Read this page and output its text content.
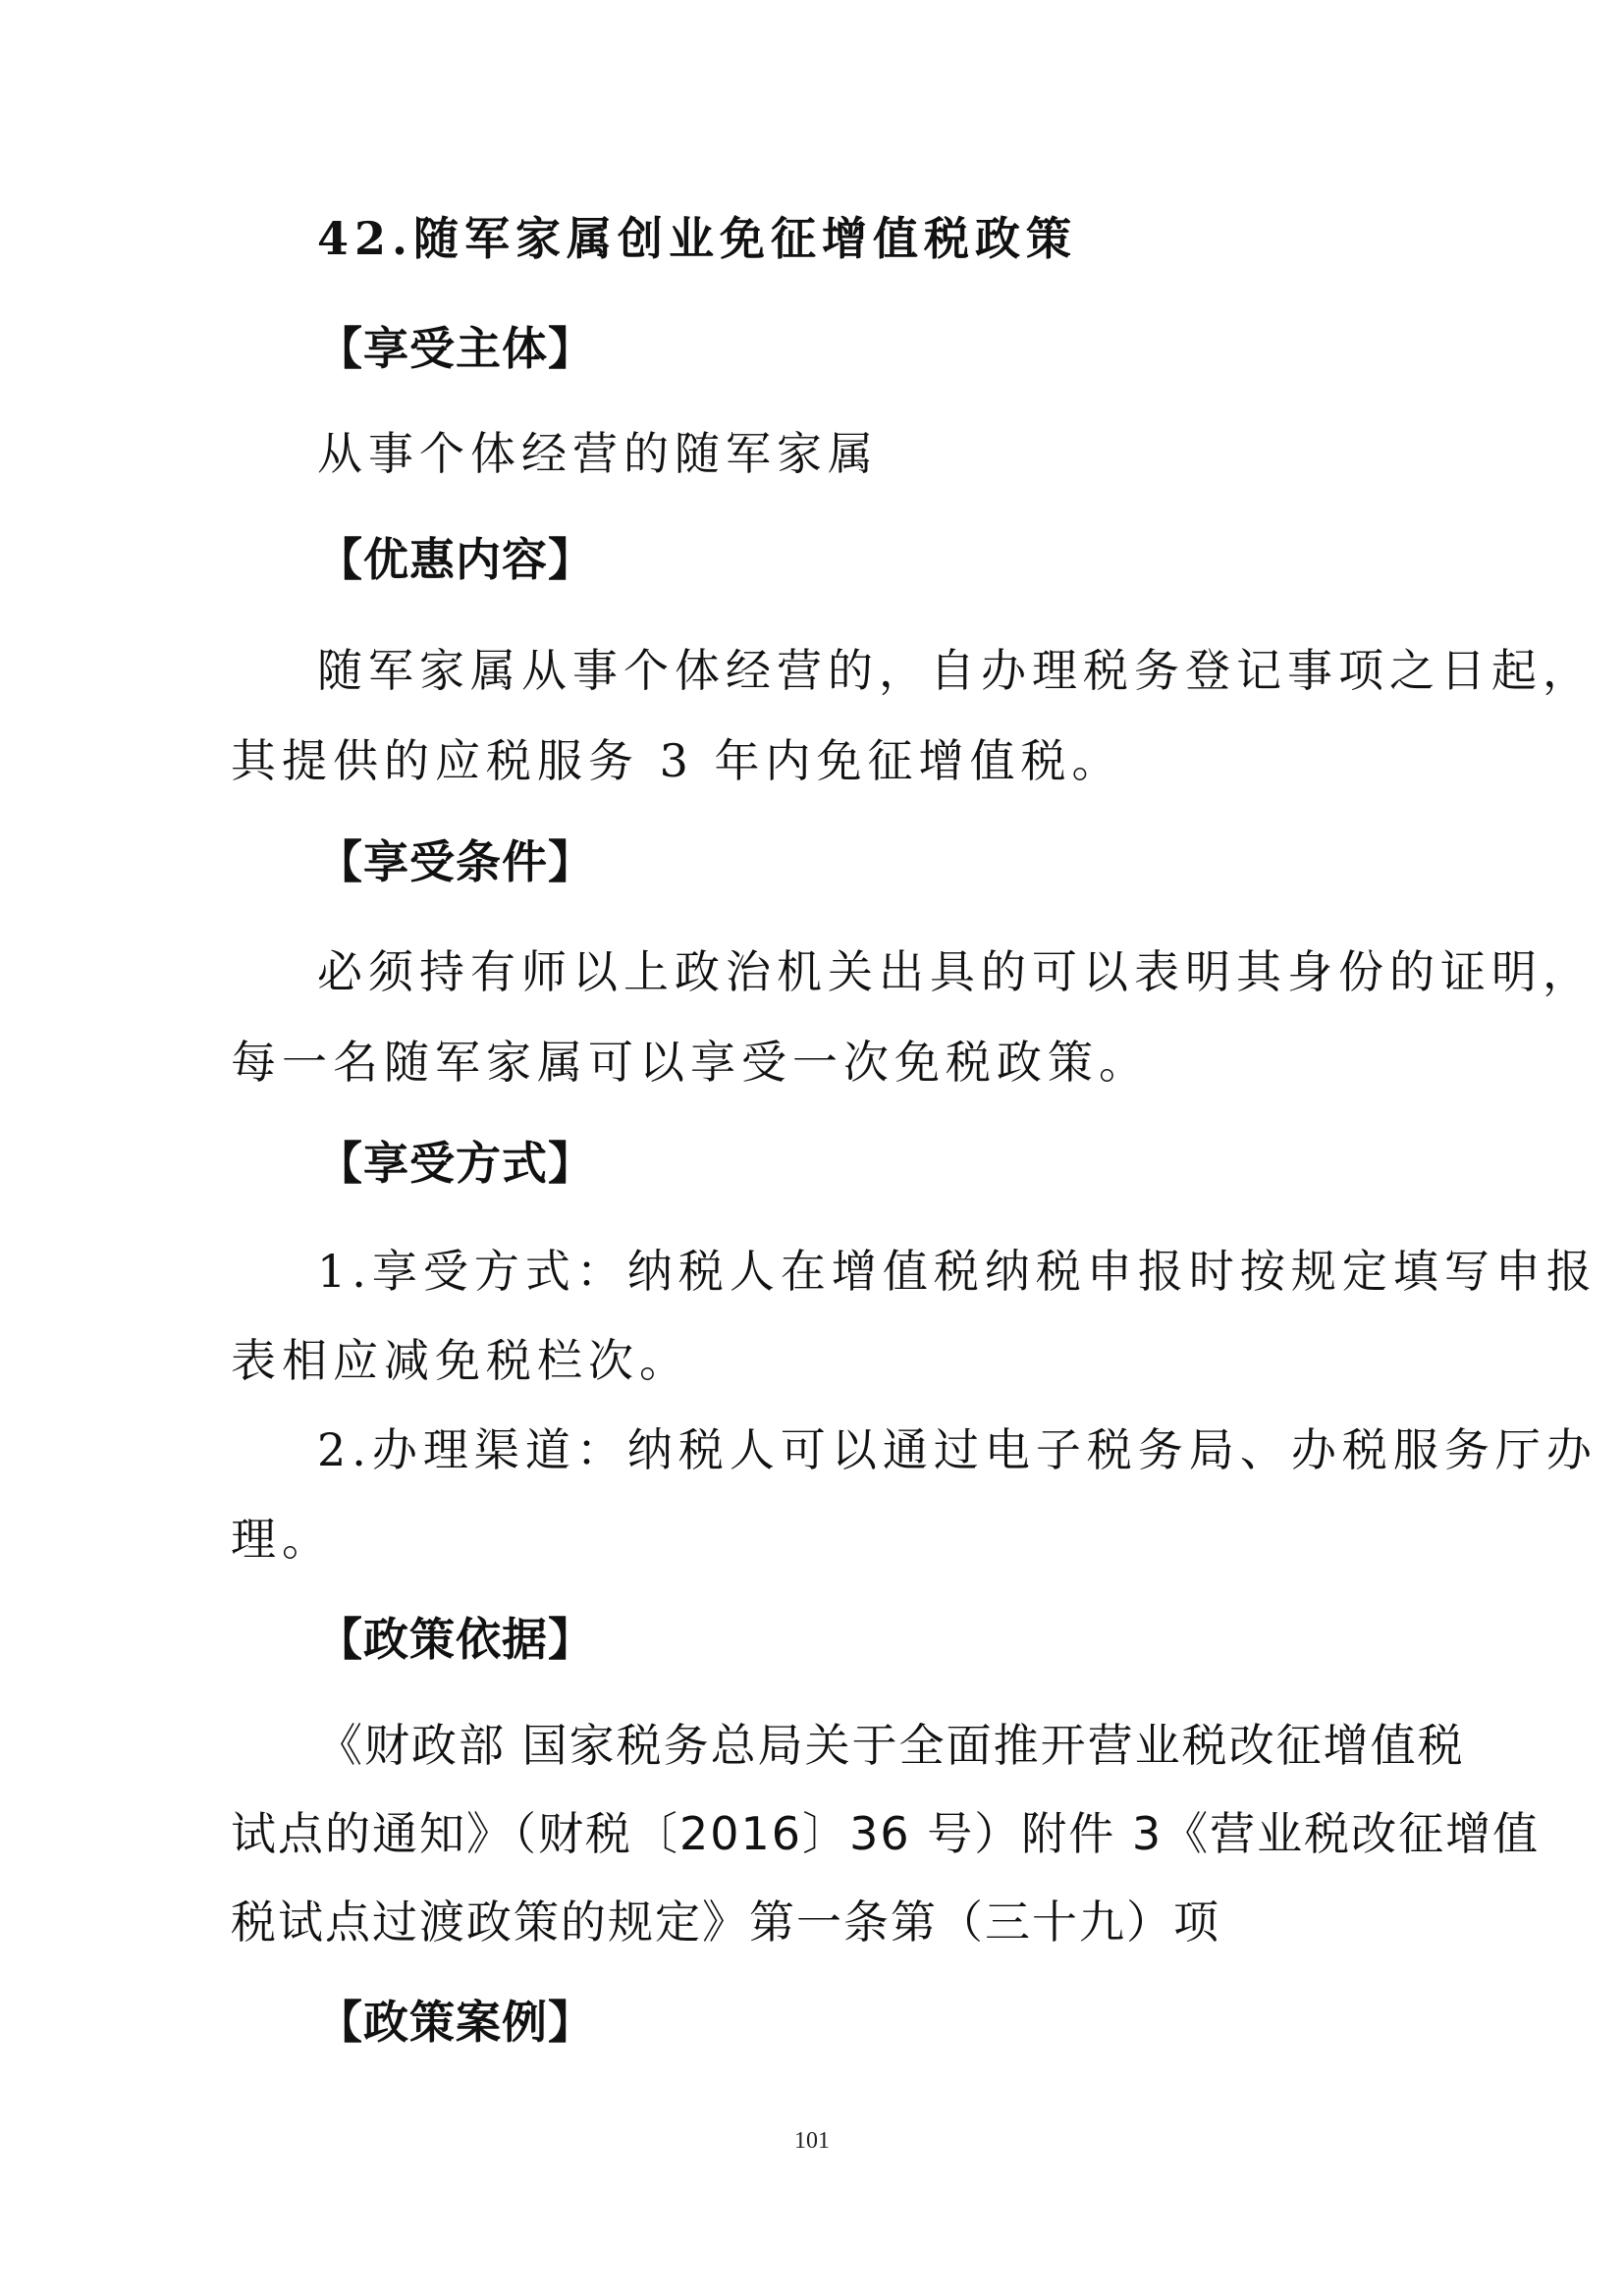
42.随军家属创业免征增值税政策
【享受主体】
从事个体经营的随军家属
【优惠内容】
随军家属从事个体经营的，自办理税务登记事项之日起，
其提供的应税服务 3 年内免征增值税。
【享受条件】
必须持有师以上政治机关出具的可以表明其身份的证明，
每一名随军家属可以享受一次免税政策。
【享受方式】
1.享受方式：纳税人在增值税纳税申报时按规定填写申报
表相应减免税栏次。
2.办理渠道：纳税人可以通过电子税务局、办税服务厅办
理。
【政策依据】
《财政部 国家税务总局关于全面推开营业税改征增值税
试点的通知》（财税〔2016〕36 号）附件 3《营业税改征增值
税试点过渡政策的规定》第一条第（三十九）项
【政策案例】
101
